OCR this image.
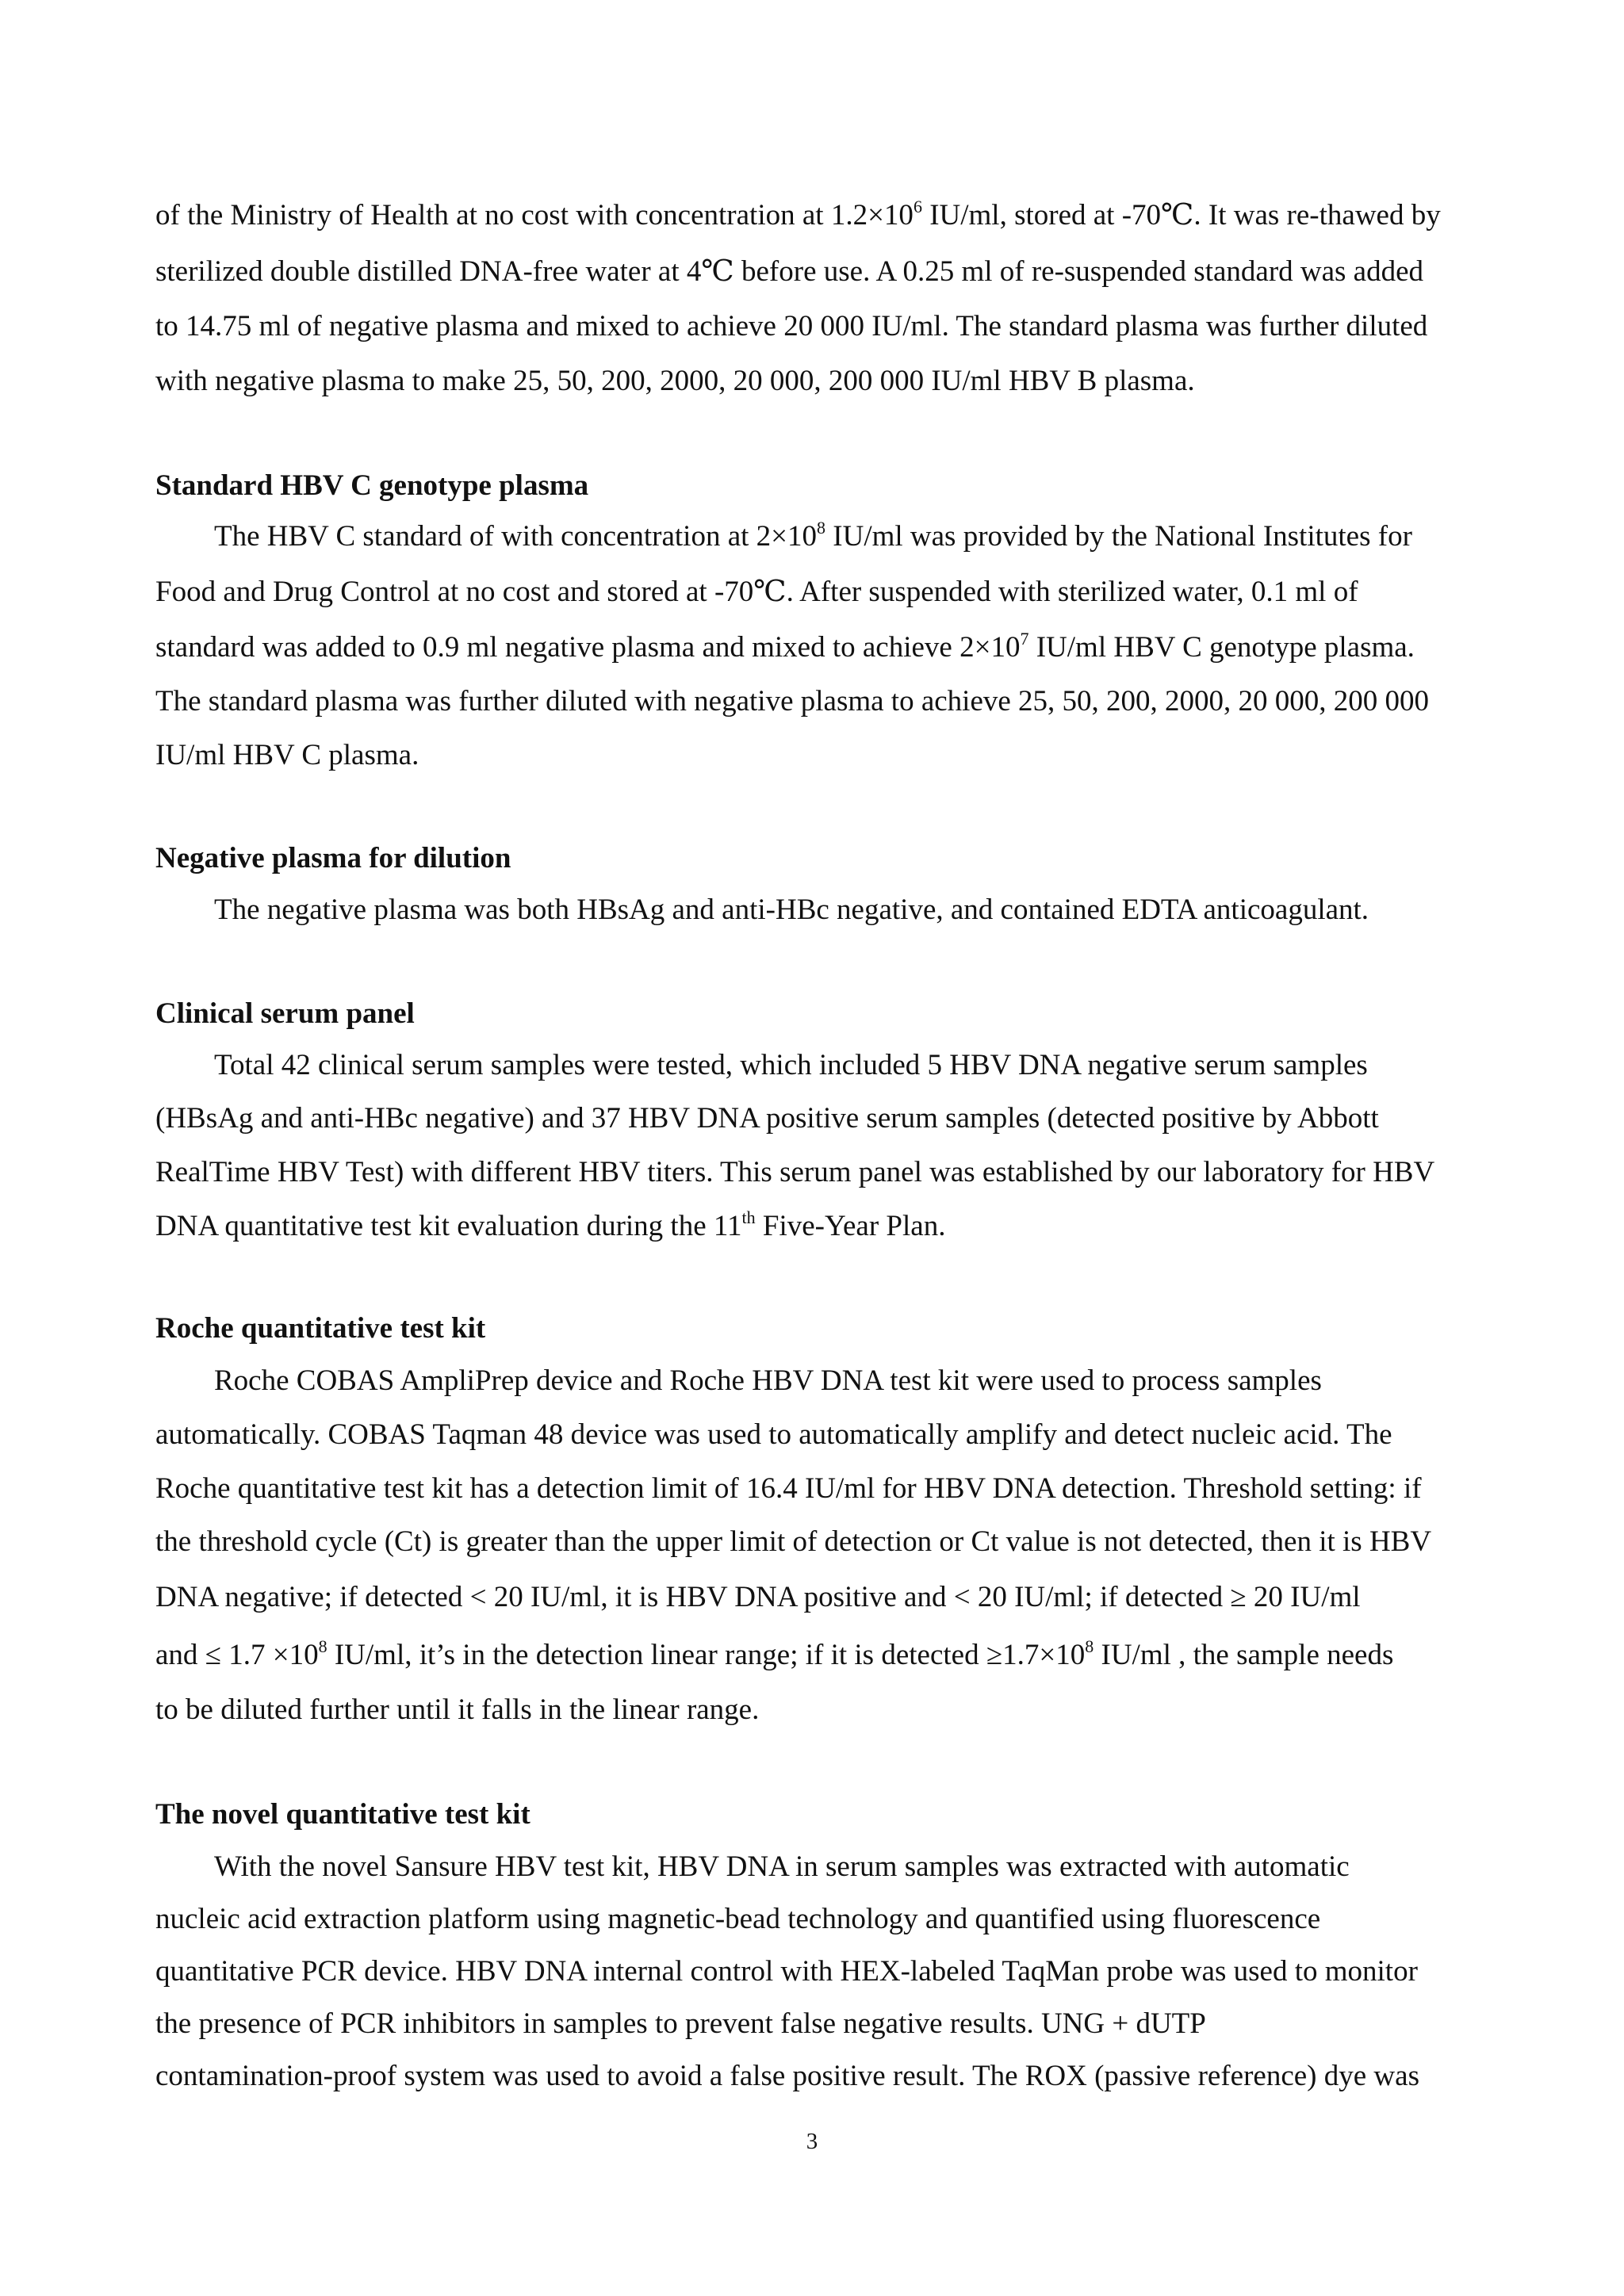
of the Ministry of Health at no cost with concentration at $1.2\times 10^6$ IU/ml, stored at -70℃. It was re-thawed by
sterilized double distilled DNA-free water at 4℃ before use. A 0.25 ml of re-suspended standard was added
to 14.75 ml of negative plasma and mixed to achieve 20 000 IU/ml. The standard plasma was further diluted
with negative plasma to make 25, 50, 200, 2000, 20 000, 200 000 IU/ml HBV B plasma.
Standard HBV C genotype plasma
The HBV C standard of with concentration at $2\times 10^8$ IU/ml was provided by the National Institutes for
Food and Drug Control at no cost and stored at -70℃. After suspended with sterilized water, 0.1 ml of
standard was added to 0.9 ml negative plasma and mixed to achieve $2\times 10^7$ IU/ml HBV C genotype plasma.
The standard plasma was further diluted with negative plasma to achieve 25, 50, 200, 2000, 20 000, 200 000
IU/ml HBV C plasma.
Negative plasma for dilution
The negative plasma was both HBsAg and anti-HBc negative, and contained EDTA anticoagulant.
Clinical serum panel
Total 42 clinical serum samples were tested, which included 5 HBV DNA negative serum samples
(HBsAg and anti-HBc negative) and 37 HBV DNA positive serum samples (detected positive by Abbott
RealTime HBV Test) with different HBV titers. This serum panel was established by our laboratory for HBV
DNA quantitative test kit evaluation during the 11th Five-Year Plan.
Roche quantitative test kit
Roche COBAS AmpliPrep device and Roche HBV DNA test kit were used to process samples
automatically. COBAS Taqman 48 device was used to automatically amplify and detect nucleic acid. The
Roche quantitative test kit has a detection limit of 16.4 IU/ml for HBV DNA detection. Threshold setting: if
the threshold cycle (Ct) is greater than the upper limit of detection or Ct value is not detected, then it is HBV
DNA negative; if detected < 20 IU/ml, it is HBV DNA positive and < 20 IU/ml; if detected ≥ 20 IU/ml
and ≤ $1.7 \times 10^8$ IU/ml, it’s in the detection linear range; if it is detected $\ge 1.7\times 10^8$ IU/ml , the sample needs
to be diluted further until it falls in the linear range.
The novel quantitative test kit
With the novel Sansure HBV test kit, HBV DNA in serum samples was extracted with automatic
nucleic acid extraction platform using magnetic-bead technology and quantified using fluorescence
quantitative PCR device. HBV DNA internal control with HEX-labeled TaqMan probe was used to monitor
the presence of PCR inhibitors in samples to prevent false negative results. UNG + dUTP
contamination-proof system was used to avoid a false positive result. The ROX (passive reference) dye was
3
